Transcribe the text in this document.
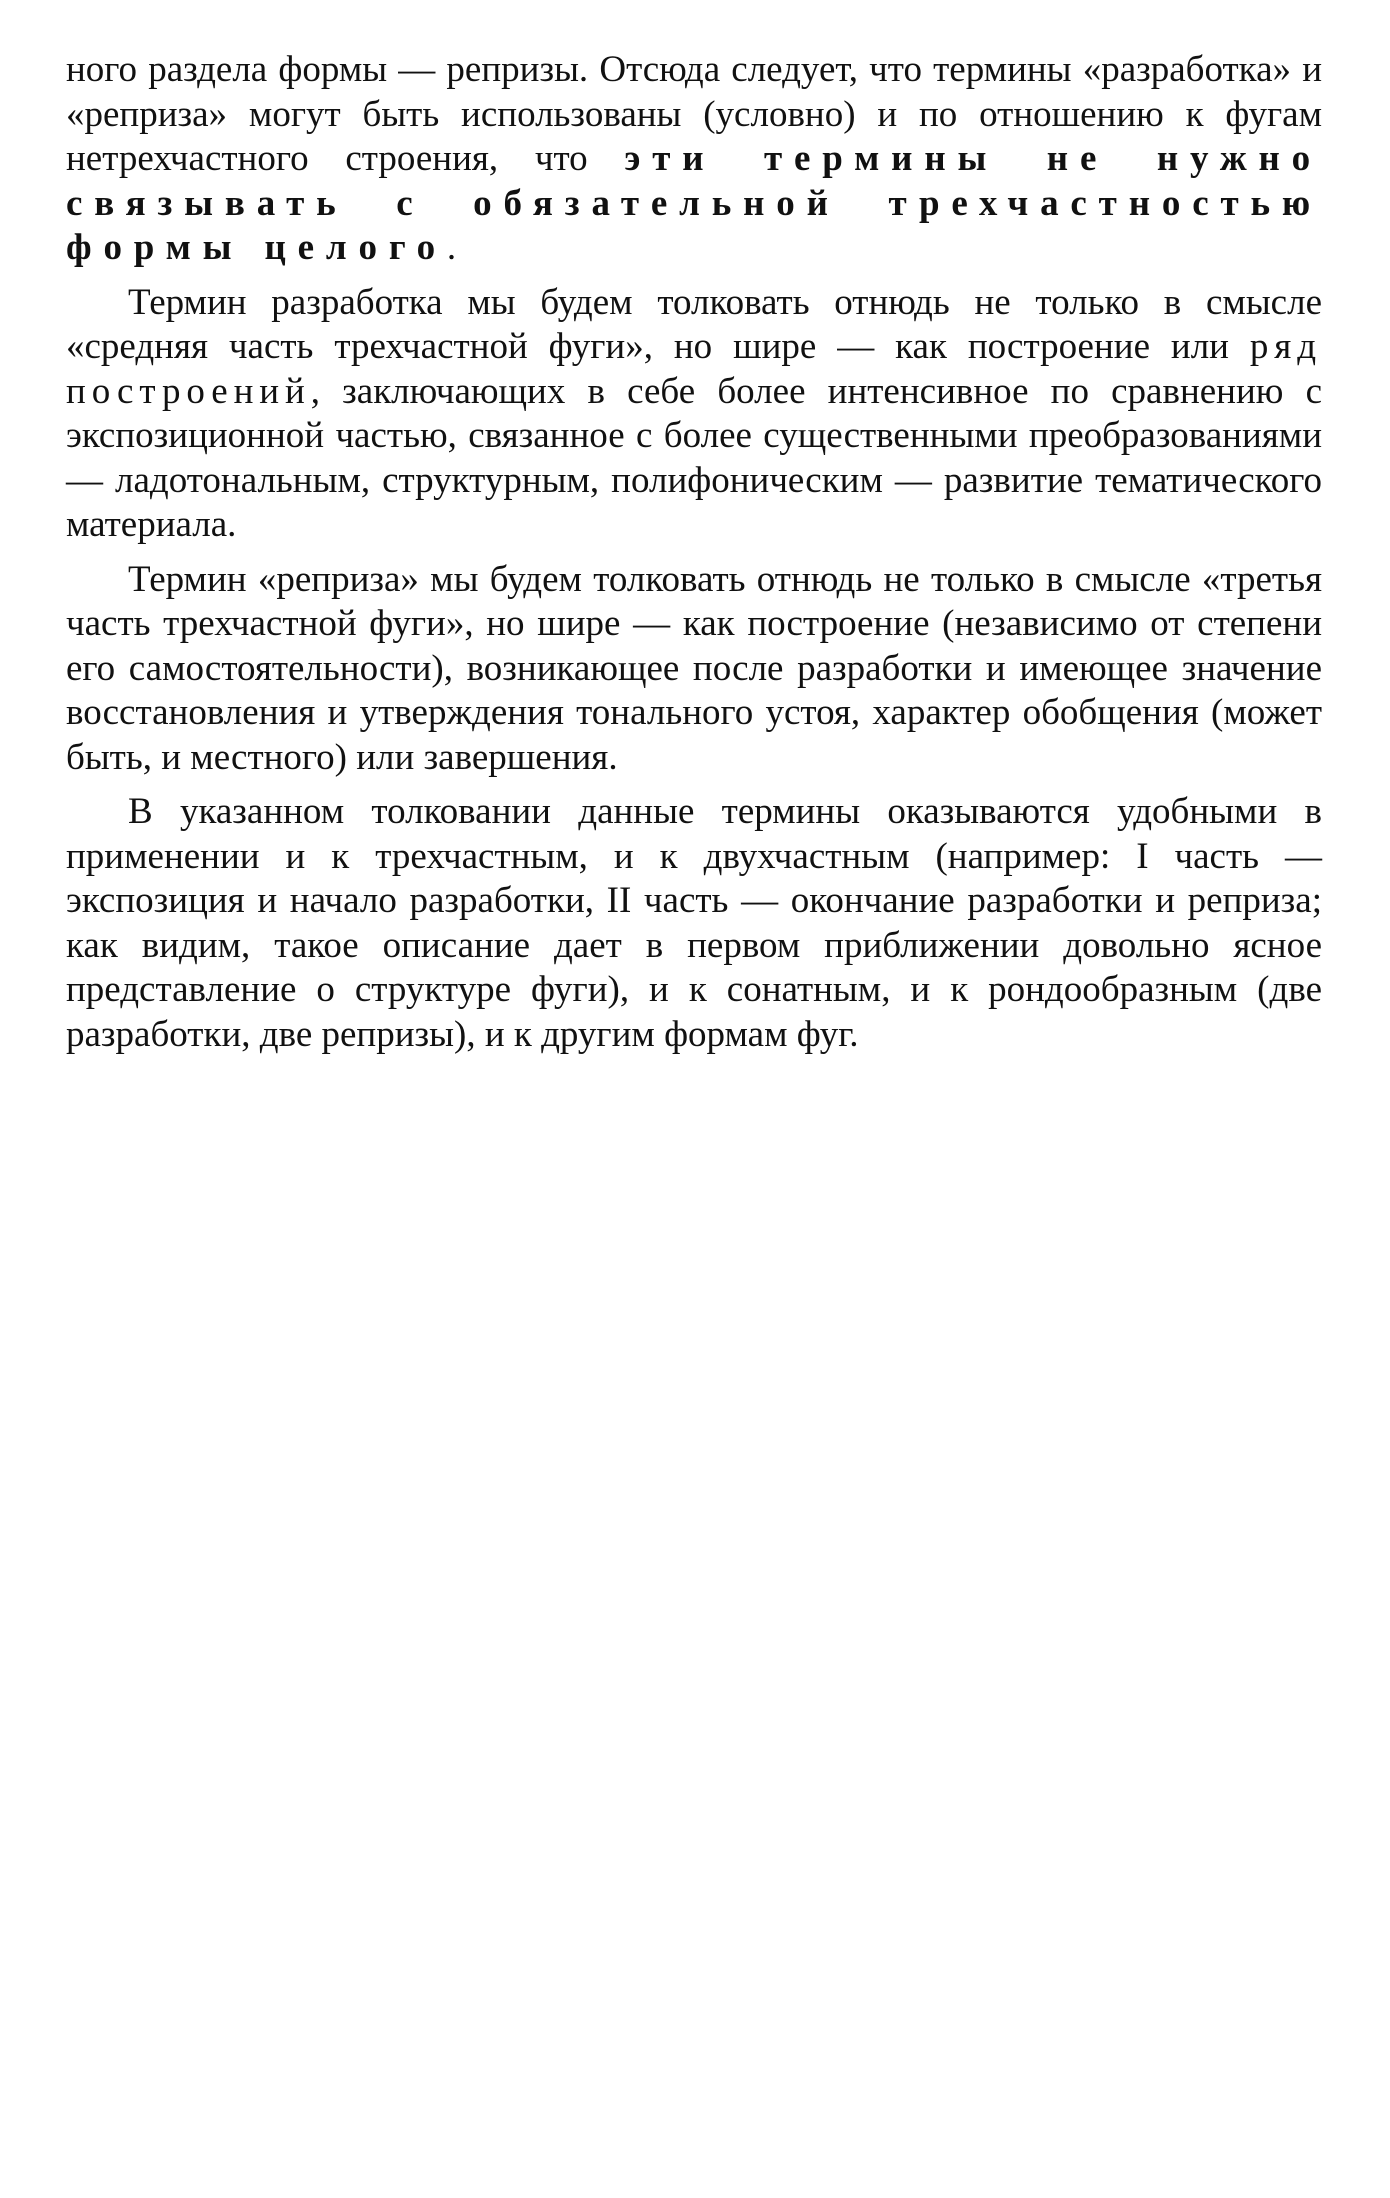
ного раздела формы — репризы. Отсюда следует, что термины «разработка» и «реприза» могут быть использованы (условно) и по отношению к фугам нетрехчастного строения, что эти термины не нужно связывать с обязательной трехчастностью формы целого.

Термин разработка мы будем толковать отнюдь не только в смысле «средняя часть трехчастной фуги», но шире — как построение или ряд построений, заключающих в себе более интенсивное по сравнению с экспозиционной частью, связанное с более существенными преобразованиями — ладотональным, структурным, полифоническим — развитие тематического материала.

Термин «реприза» мы будем толковать отнюдь не только в смысле «третья часть трехчастной фуги», но шире — как построение (независимо от степени его самостоятельности), возникающее после разработки и имеющее значение восстановления и утверждения тонального устоя, характер обобщения (может быть, и местного) или завершения.

В указанном толковании данные термины оказываются удобными в применении и к трехчастным, и к двухчастным (например: I часть — экспозиция и начало разработки, II часть — окончание разработки и реприза; как видим, такое описание дает в первом приближении довольно ясное представление о структуре фуги), и к сонатным, и к рондообразным (две разработки, две репризы), и к другим формам фуг.
